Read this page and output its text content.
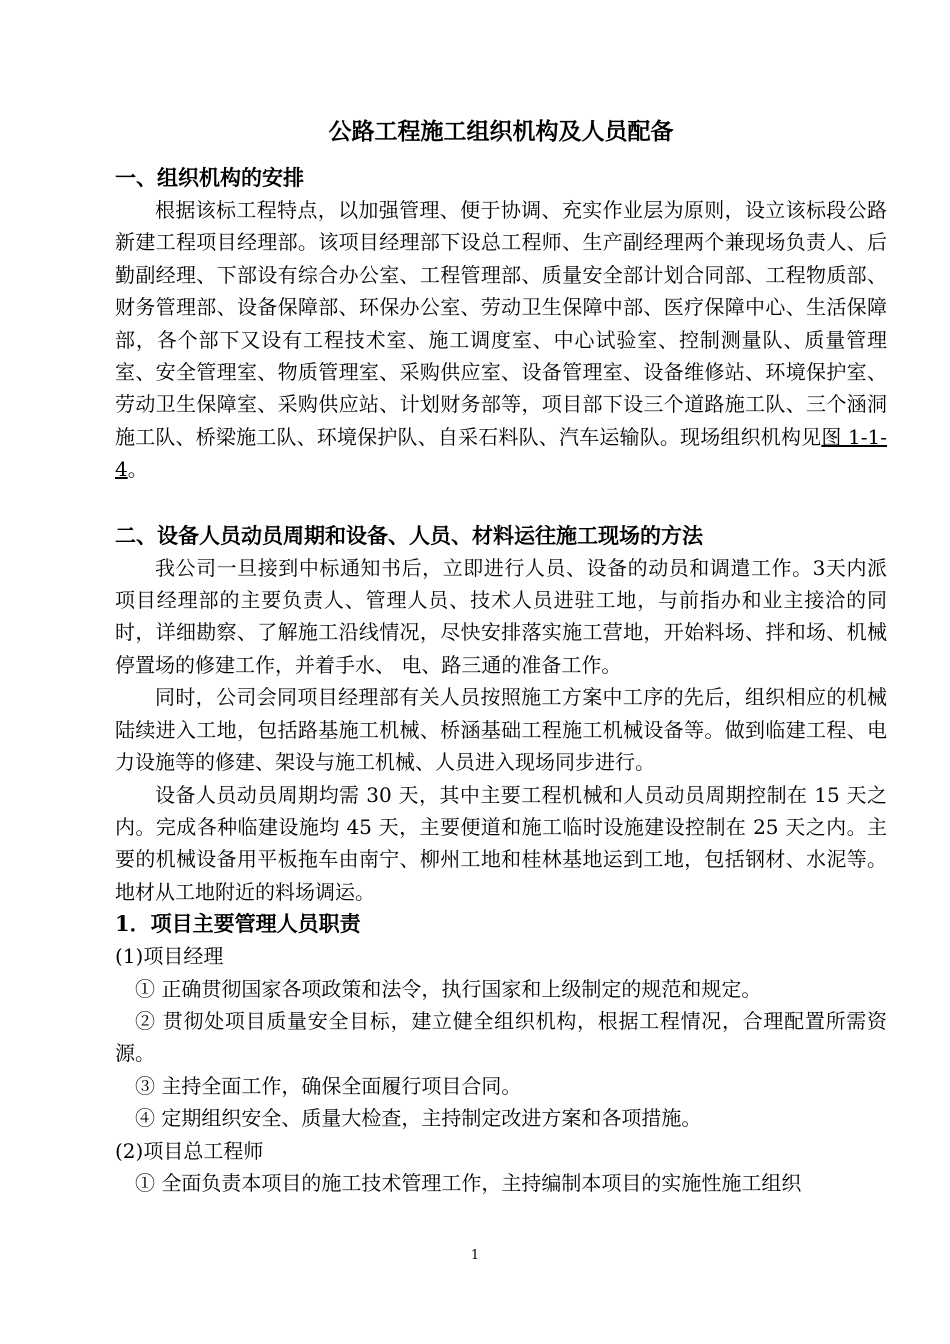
公路工程施工组织机构及人员配备
一、组织机构的安排
根据该标工程特点，以加强管理、便于协调、充实作业层为原则，设立该标段公路新建工程项目经理部。该项目经理部下设总工程师、生产副经理两个兼现场负责人、后勤副经理、下部设有综合办公室、工程管理部、质量安全部计划合同部、工程物质部、财务管理部、设备保障部、环保办公室、劳动卫生保障中部、医疗保障中心、生活保障部，各个部下又设有工程技术室、施工调度室、中心试验室、控制测量队、质量管理室、安全管理室、物质管理室、采购供应室、设备管理室、设备维修站、环境保护室、劳动卫生保障室、采购供应站、计划财务部等，项目部下设三个道路施工队、三个涵洞施工队、桥梁施工队、环境保护队、自采石料队、汽车运输队。现场组织机构见图 1-1-4。
二、设备人员动员周期和设备、人员、材料运往施工现场的方法
我公司一旦接到中标通知书后，立即进行人员、设备的动员和调遣工作。3天内派项目经理部的主要负责人、管理人员、技术人员进驻工地，与前指办和业主接洽的同时，详细勘察、了解施工沿线情况，尽快安排落实施工营地，开始料场、拌和场、机械停置场的修建工作，并着手水、 电、路三通的准备工作。
同时，公司会同项目经理部有关人员按照施工方案中工序的先后，组织相应的机械陆续进入工地，包括路基施工机械、桥涵基础工程施工机械设备等。做到临建工程、电力设施等的修建、架设与施工机械、人员进入现场同步进行。
设备人员动员周期均需 30 天，其中主要工程机械和人员动员周期控制在 15 天之内。完成各种临建设施均 45 天，主要便道和施工临时设施建设控制在 25 天之内。主要的机械设备用平板拖车由南宁、柳州工地和桂林基地运到工地，包括钢材、水泥等。地材从工地附近的料场调运。
1．项目主要管理人员职责
(1)项目经理
① 正确贯彻国家各项政策和法令，执行国家和上级制定的规范和规定。
② 贯彻处项目质量安全目标，建立健全组织机构，根据工程情况，合理配置所需资源。
③ 主持全面工作，确保全面履行项目合同。
④ 定期组织安全、质量大检查，主持制定改进方案和各项措施。
(2)项目总工程师
① 全面负责本项目的施工技术管理工作，主持编制本项目的实施性施工组织
1
